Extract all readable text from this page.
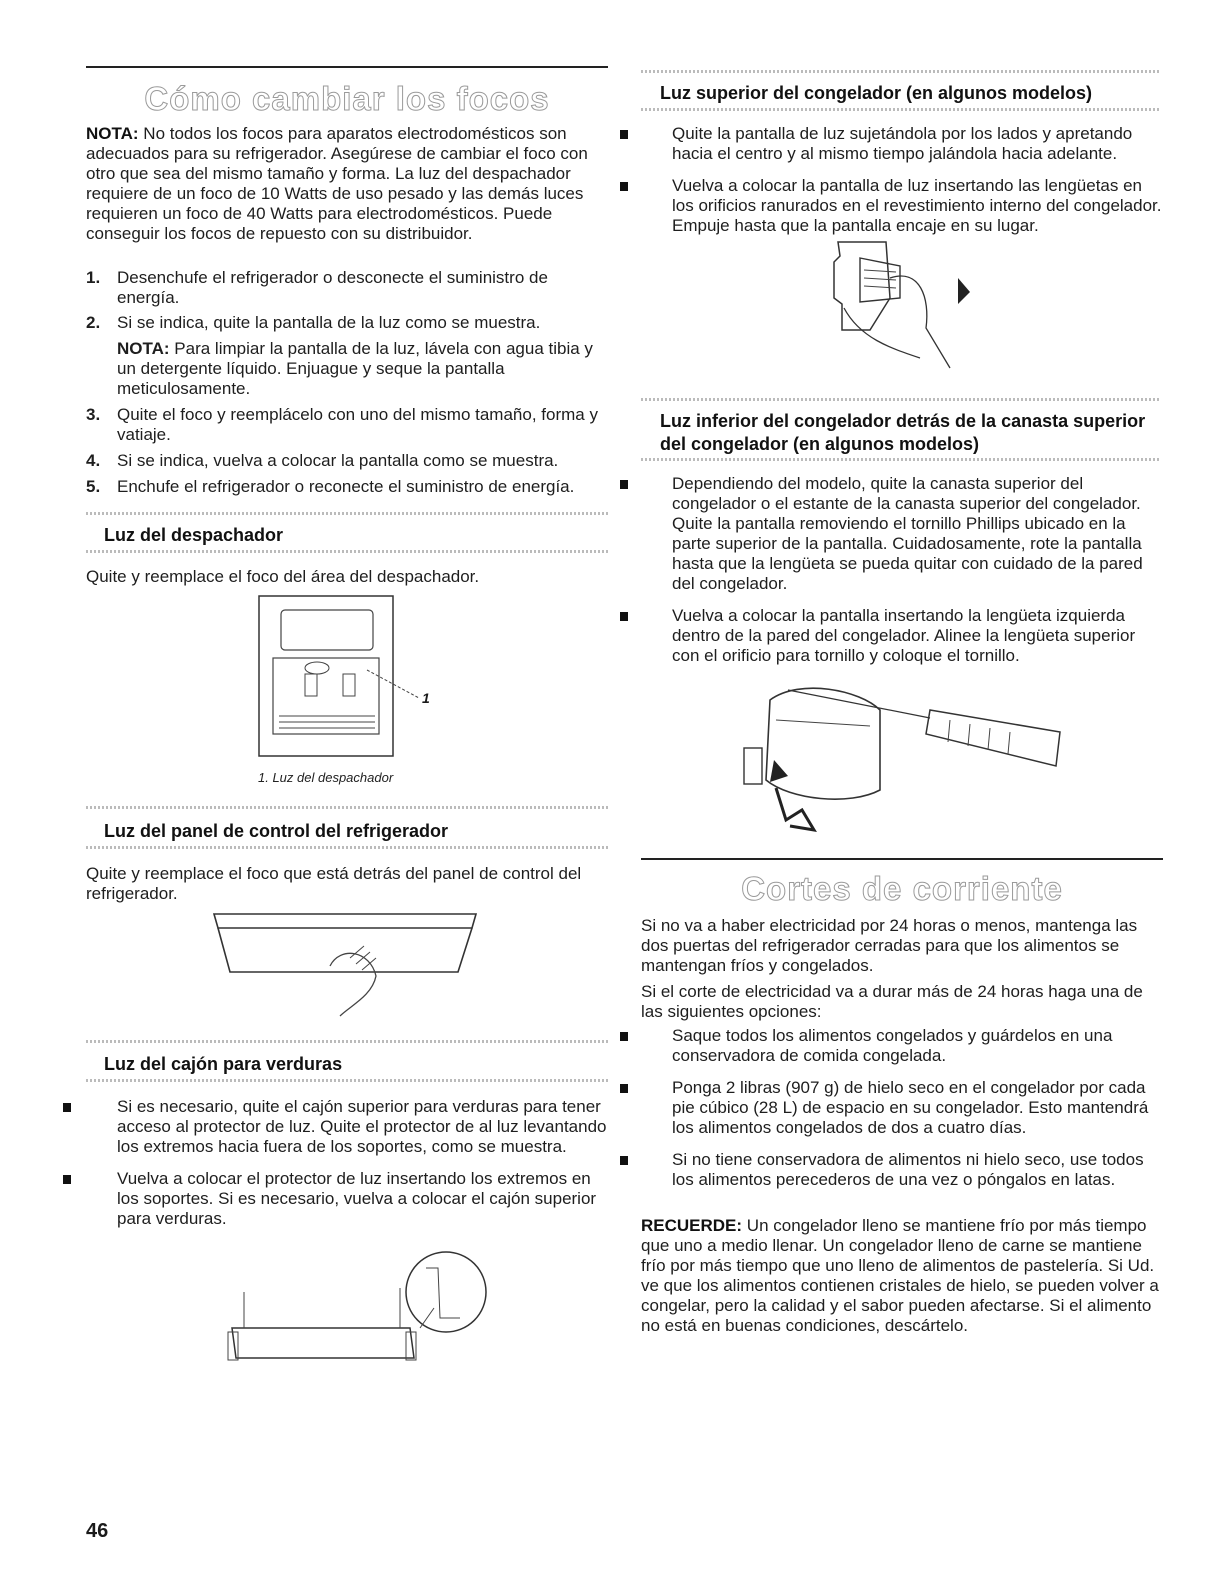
Cómo cambiar los focos

NOTA: No todos los focos para aparatos electrodomésticos son adecuados para su refrigerador. Asegúrese de cambiar el foco con otro que sea del mismo tamaño y forma. La luz del despachador requiere de un foco de 10 Watts de uso pesado y las demás luces requieren un foco de 40 Watts para electrodomésticos. Puede conseguir los focos de repuesto con su distribuidor.

1. Desenchufe el refrigerador o desconecte el suministro de energía.
2. Si se indica, quite la pantalla de la luz como se muestra.
NOTA: Para limpiar la pantalla de la luz, lávela con agua tibia y un detergente líquido. Enjuague y seque la pantalla meticulosamente.
3. Quite el foco y reemplácelo con uno del mismo tamaño, forma y vatiaje.
4. Si se indica, vuelva a colocar la pantalla como se muestra.
5. Enchufe el refrigerador o reconecte el suministro de energía.
Luz del despachador

Quite y reemplace el foco del área del despachador.

1
1. Luz del despachador
Luz del panel de control del refrigerador

Quite y reemplace el foco que está detrás del panel de control del refrigerador.

Luz del cajón para verduras
Si es necesario, quite el cajón superior para verduras para tener acceso al protector de luz. Quite el protector de al luz levantando los extremos hacia fuera de los soportes, como se muestra.
Vuelva a colocar el protector de luz insertando los extremos en los soportes. Si es necesario, vuelva a colocar el cajón superior para verduras.
46
Luz superior del congelador (en algunos modelos)
Quite la pantalla de luz sujetándola por los lados y apretando hacia el centro y al mismo tiempo jalándola hacia adelante.
Vuelva a colocar la pantalla de luz insertando las lengüetas en los orificios ranurados en el revestimiento interno del congelador. Empuje hasta que la pantalla encaje en su lugar.
Luz inferior del congelador detrás de la canasta superior del congelador (en algunos modelos)
Dependiendo del modelo, quite la canasta superior del congelador o el estante de la canasta superior del congelador. Quite la pantalla removiendo el tornillo Phillips ubicado en la parte superior de la pantalla. Cuidadosamente, rote la pantalla hasta que la lengüeta se pueda quitar con cuidado de la pared del congelador.
Vuelva a colocar la pantalla insertando la lengüeta izquierda dentro de la pared del congelador. Alinee la lengüeta superior con el orificio para tornillo y coloque el tornillo.
Cortes de corriente

Si no va a haber electricidad por 24 horas o menos, mantenga las dos puertas del refrigerador cerradas para que los alimentos se mantengan fríos y congelados.

Si el corte de electricidad va a durar más de 24 horas haga una de las siguientes opciones:

Saque todos los alimentos congelados y guárdelos en una conservadora de comida congelada.
Ponga 2 libras (907 g) de hielo seco en el congelador por cada pie cúbico (28 L) de espacio en su congelador. Esto mantendrá los alimentos congelados de dos a cuatro días.
Si no tiene conservadora de alimentos ni hielo seco, use todos los alimentos perecederos de una vez o póngalos en latas.

RECUERDE: Un congelador lleno se mantiene frío por más tiempo que uno a medio llenar. Un congelador lleno de carne se mantiene frío por más tiempo que uno lleno de alimentos de pastelería. Si Ud. ve que los alimentos contienen cristales de hielo, se pueden volver a congelar, pero la calidad y el sabor pueden afectarse. Si el alimento no está en buenas condiciones, descártelo.
